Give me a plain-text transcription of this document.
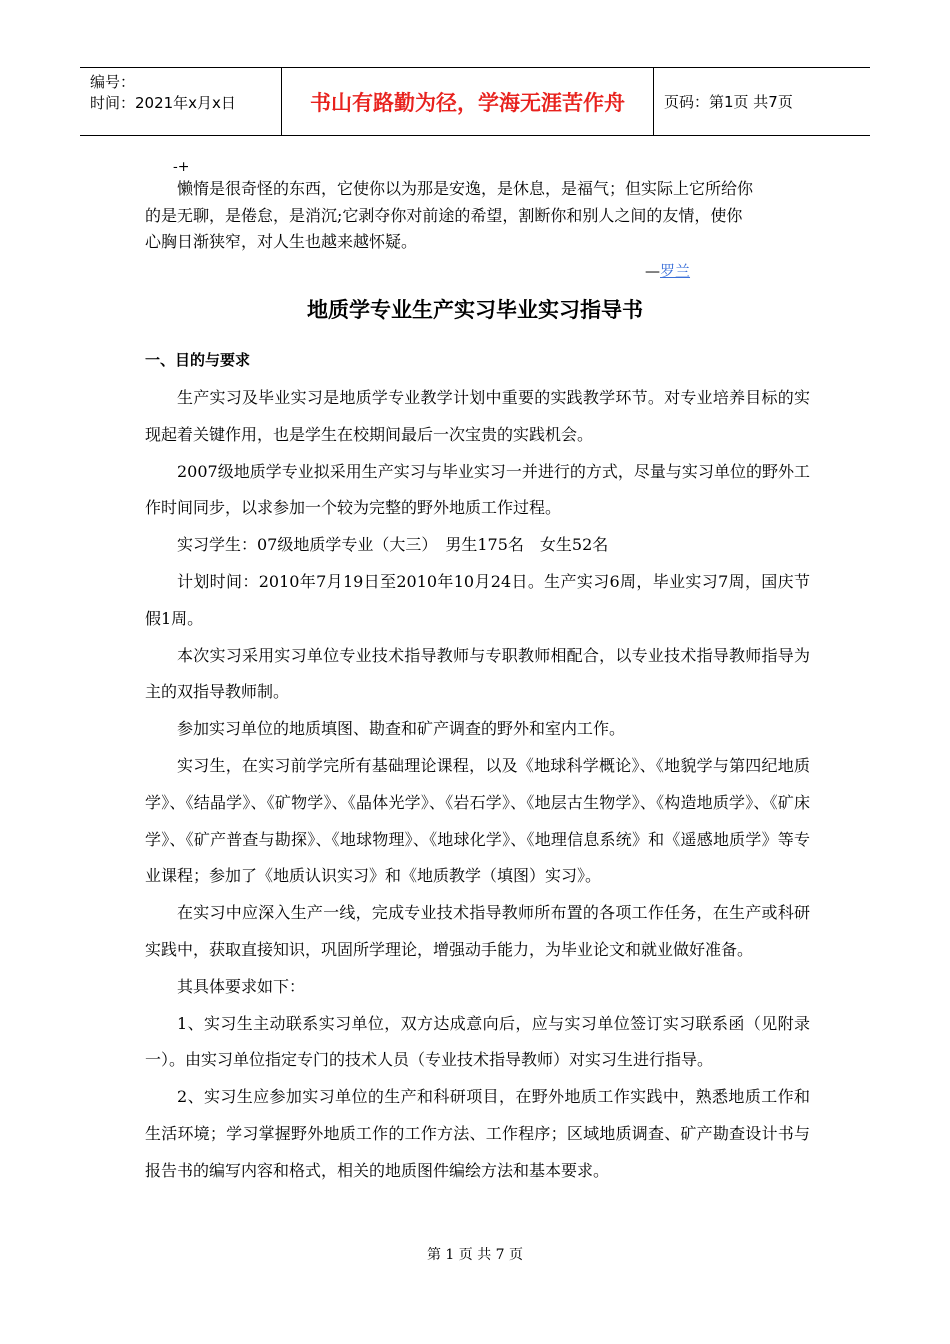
编号：
时间：2021年x月x日	书山有路勤为径，学海无涯苦作舟	页码：第1页 共7页
-+

懒惰是很奇怪的东西，它使你以为那是安逸，是休息，是福气；但实际上它所给你

的是无聊，是倦怠，是消沉;它剥夺你对前途的希望，割断你和别人之间的友情，使你

心胸日渐狭窄，对人生也越来越怀疑。

—罗兰
地质学专业生产实习毕业实习指导书
一、目的与要求

生产实习及毕业实习是地质学专业教学计划中重要的实践教学环节。对专业培养目标的实现起着关键作用，也是学生在校期间最后一次宝贵的实践机会。

2007级地质学专业拟采用生产实习与毕业实习一并进行的方式，尽量与实习单位的野外工作时间同步，以求参加一个较为完整的野外地质工作过程。

实习学生：07级地质学专业（大三）　男生175名　女生52名

计划时间：2010年7月19日至2010年10月24日。生产实习6周，毕业实习7周，国庆节假1周。

本次实习采用实习单位专业技术指导教师与专职教师相配合，以专业技术指导教师指导为主的双指导教师制。

参加实习单位的地质填图、勘查和矿产调查的野外和室内工作。

实习生，在实习前学完所有基础理论课程，以及《地球科学概论》、《地貌学与第四纪地质学》、《结晶学》、《矿物学》、《晶体光学》、《岩石学》、《地层古生物学》、《构造地质学》、《矿床学》、《矿产普查与勘探》、《地球物理》、《地球化学》、《地理信息系统》和《遥感地质学》等专业课程；参加了《地质认识实习》和《地质教学（填图）实习》。

在实习中应深入生产一线，完成专业技术指导教师所布置的各项工作任务，在生产或科研实践中，获取直接知识，巩固所学理论，增强动手能力，为毕业论文和就业做好准备。

其具体要求如下：

1、实习生主动联系实习单位，双方达成意向后，应与实习单位签订实习联系函（见附录一）。由实习单位指定专门的技术人员（专业技术指导教师）对实习生进行指导。

2、实习生应参加实习单位的生产和科研项目，在野外地质工作实践中，熟悉地质工作和生活环境；学习掌握野外地质工作的工作方法、工作程序；区域地质调查、矿产勘查设计书与报告书的编写内容和格式，相关的地质图件编绘方法和基本要求。

第 1 页 共 7 页
